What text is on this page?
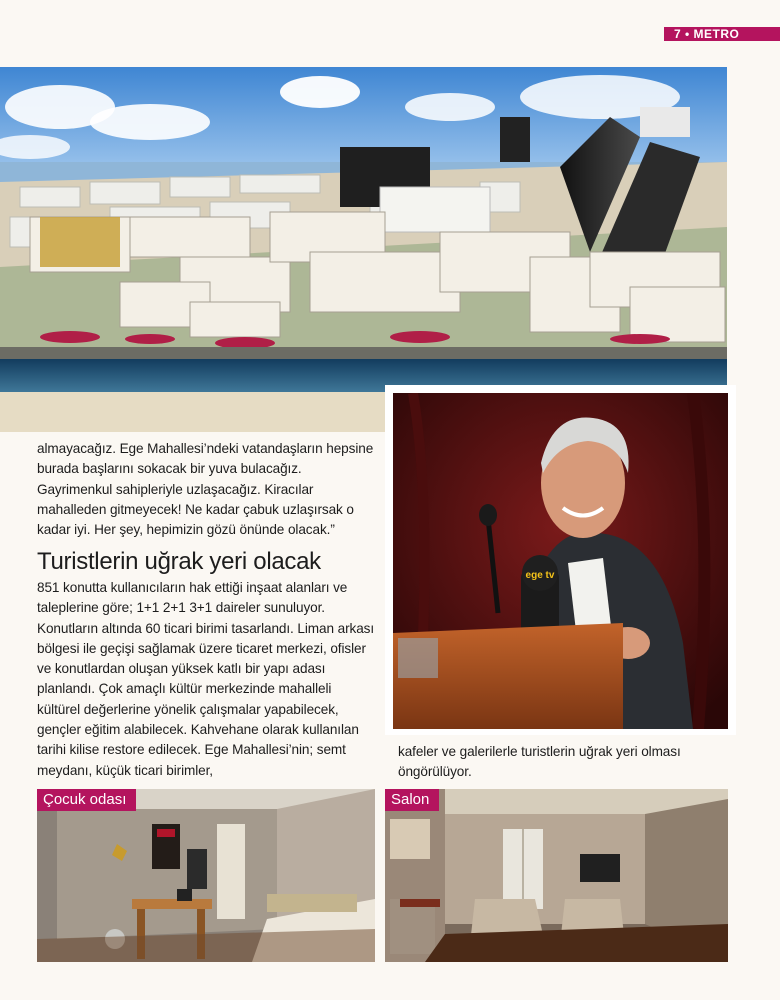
7 • METRO
ege tv

almayacağız. Ege Mahallesi’ndeki vatandaşların hepsine burada başlarını sokacak bir yuva bulacağız. Gayrimenkul sahipleriyle uzlaşacağız. Kiracılar mahalleden gitmeyecek! Ne kadar çabuk uzlaşırsak o kadar iyi. Her şey, hepimizin gözü önünde olacak.”

Turistlerin uğrak yeri olacak

851 konutta kullanıcıların hak ettiği inşaat alanları ve taleplerine göre; 1+1 2+1 3+1 daireler sunuluyor. Konutların altında 60 ticari birimi tasarlandı. Liman arkası bölgesi ile geçişi sağlamak üzere ticaret merkezi, ofisler ve konutlardan oluşan yüksek katlı bir yapı adası planlandı. Çok amaçlı kültür merkezinde mahalleli kültürel değerlerine yönelik çalışmalar yapabilecek, gençler eğitim alabilecek. Kahvehane olarak kullanılan tarihi kilise restore edilecek. Ege Mahallesi’nin; semt meydanı, küçük ticari birimler,

kafeler ve galerilerle turistlerin uğrak yeri olması öngörülüyor.

Çocuk odası	Salon
